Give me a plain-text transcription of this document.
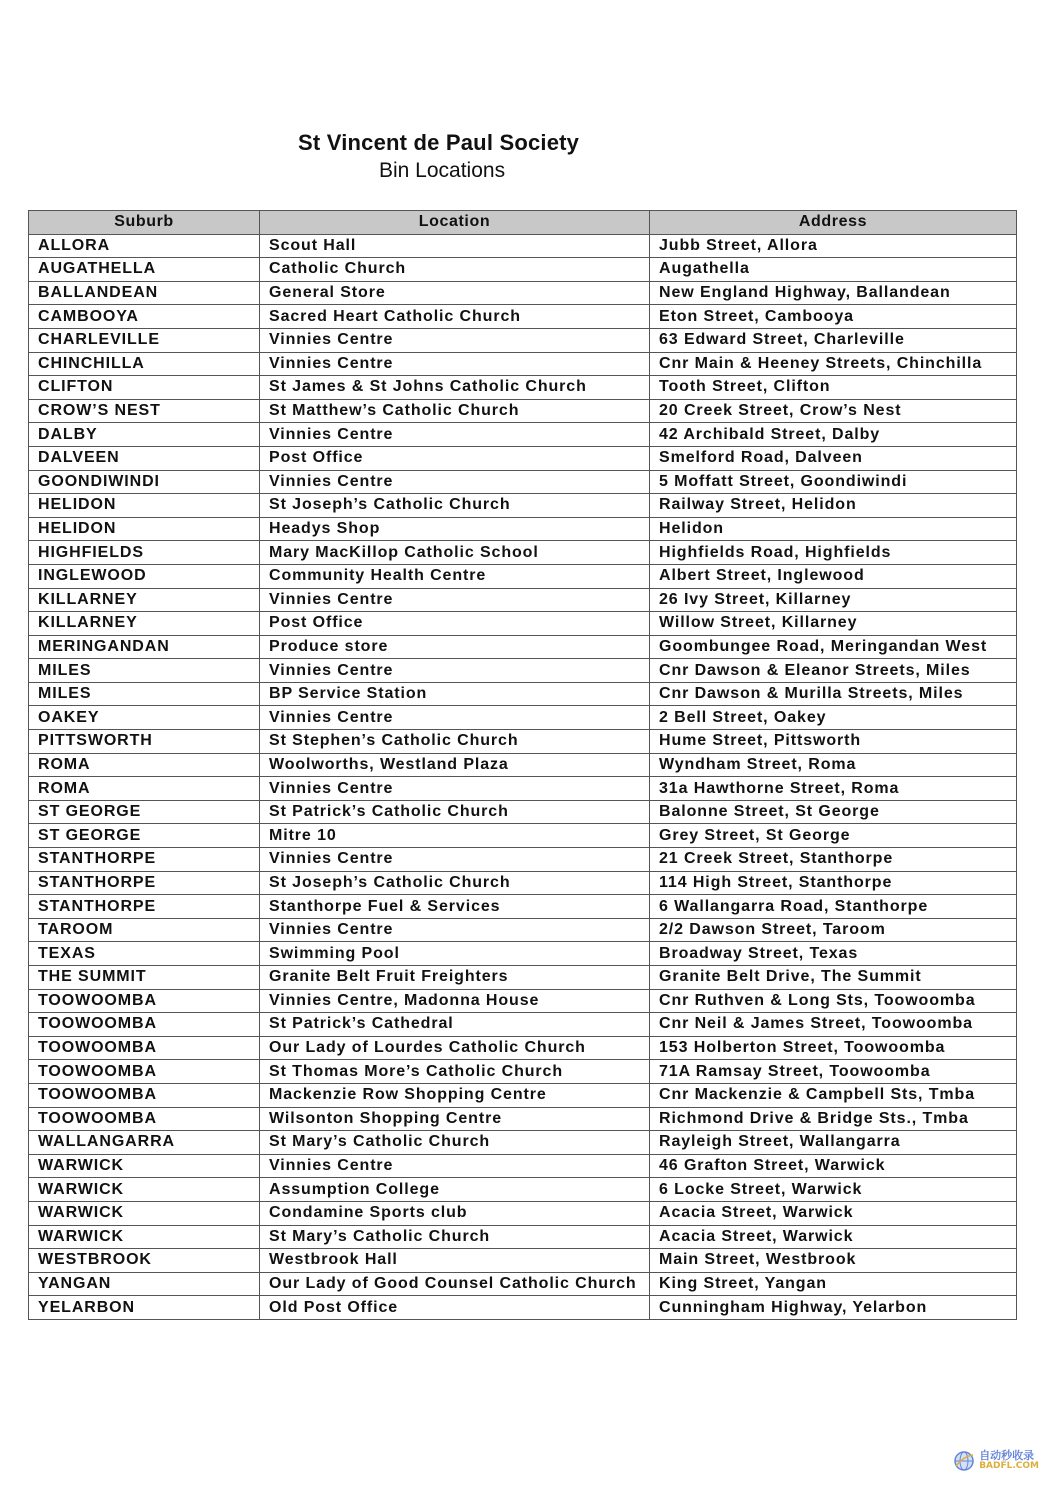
St Vincent de Paul Society
Bin Locations
Suburb	Location	Address
ALLORA	Scout Hall	Jubb Street, Allora
AUGATHELLA	Catholic Church	Augathella
BALLANDEAN	General Store	New England Highway, Ballandean
CAMBOOYA	Sacred Heart Catholic Church	Eton Street, Cambooya
CHARLEVILLE	Vinnies Centre	63 Edward Street, Charleville
CHINCHILLA	Vinnies Centre	Cnr Main & Heeney Streets, Chinchilla
CLIFTON	St James & St Johns Catholic Church	Tooth Street, Clifton
CROW’S NEST	St Matthew’s Catholic Church	20 Creek Street, Crow’s Nest
DALBY	Vinnies Centre	42 Archibald Street, Dalby
DALVEEN	Post Office	Smelford Road, Dalveen
GOONDIWINDI	Vinnies Centre	5 Moffatt Street, Goondiwindi
HELIDON	St Joseph’s Catholic Church	Railway Street, Helidon
HELIDON	Headys Shop	Helidon
HIGHFIELDS	Mary MacKillop Catholic School	Highfields Road, Highfields
INGLEWOOD	Community Health Centre	Albert Street, Inglewood
KILLARNEY	Vinnies Centre	26 Ivy Street, Killarney
KILLARNEY	Post Office	Willow Street, Killarney
MERINGANDAN	Produce store	Goombungee Road, Meringandan West
MILES	Vinnies Centre	Cnr Dawson & Eleanor Streets, Miles
MILES	BP Service Station	Cnr Dawson & Murilla Streets, Miles
OAKEY	Vinnies Centre	2 Bell Street, Oakey
PITTSWORTH	St Stephen’s Catholic Church	Hume Street, Pittsworth
ROMA	Woolworths, Westland Plaza	Wyndham Street, Roma
ROMA	Vinnies Centre	31a Hawthorne Street, Roma
ST GEORGE	St Patrick’s Catholic Church	Balonne Street, St George
ST GEORGE	Mitre 10	Grey Street, St George
STANTHORPE	Vinnies Centre	21 Creek Street, Stanthorpe
STANTHORPE	St Joseph’s Catholic Church	114 High Street, Stanthorpe
STANTHORPE	Stanthorpe Fuel & Services	6 Wallangarra Road, Stanthorpe
TAROOM	Vinnies Centre	2/2 Dawson Street, Taroom
TEXAS	Swimming Pool	Broadway Street, Texas
THE SUMMIT	Granite Belt Fruit Freighters	Granite Belt Drive, The Summit
TOOWOOMBA	Vinnies Centre, Madonna House	Cnr Ruthven & Long Sts, Toowoomba
TOOWOOMBA	St Patrick’s Cathedral	Cnr Neil & James Street, Toowoomba
TOOWOOMBA	Our Lady of Lourdes Catholic Church	153 Holberton Street, Toowoomba
TOOWOOMBA	St Thomas More’s Catholic Church	71A Ramsay Street, Toowoomba
TOOWOOMBA	Mackenzie Row Shopping Centre	Cnr Mackenzie & Campbell Sts, Tmba
TOOWOOMBA	Wilsonton Shopping Centre	Richmond Drive & Bridge Sts., Tmba
WALLANGARRA	St Mary’s Catholic Church	Rayleigh Street, Wallangarra
WARWICK	Vinnies Centre	46 Grafton Street, Warwick
WARWICK	Assumption College	6 Locke Street, Warwick
WARWICK	Condamine Sports club	Acacia Street, Warwick
WARWICK	St Mary’s Catholic Church	Acacia Street, Warwick
WESTBROOK	Westbrook Hall	Main Street, Westbrook
YANGAN	Our Lady of Good Counsel Catholic Church	King Street, Yangan
YELARBON	Old Post Office	Cunningham Highway, Yelarbon
自动秒收录
BADFL.COM
